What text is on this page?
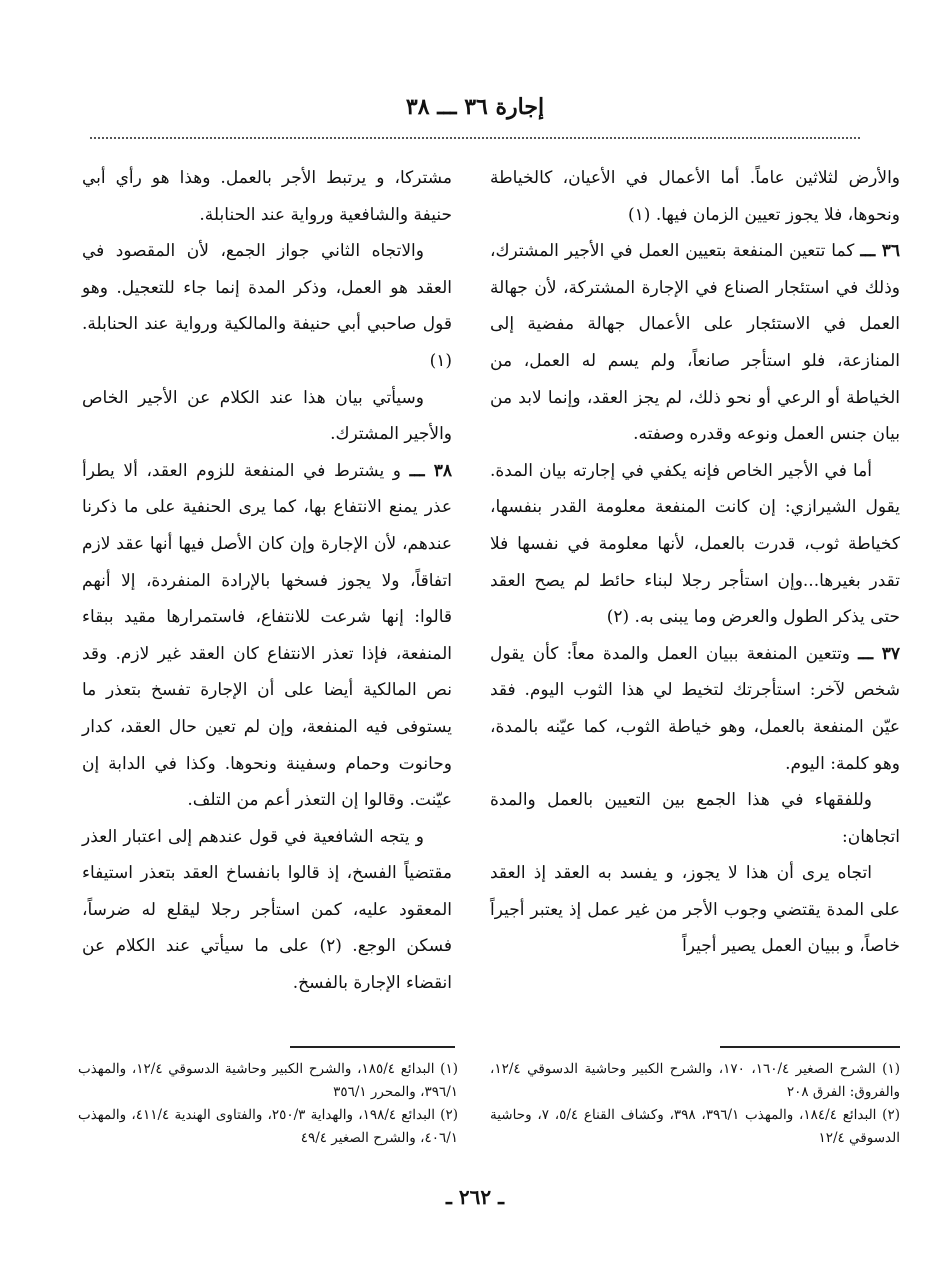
إجارة ٣٦ ـــ ٣٨

والأرض لثلاثين عاماً. أما الأعمال في الأعيان، كالخياطة ونحوها، فلا يجوز تعيين الزمان فيها. (١)

٣٦ ـــ كما تتعين المنفعة بتعيين العمل في الأجير المشترك، وذلك في استئجار الصناع في الإجارة المشتركة، لأن جهالة العمل في الاستئجار على الأعمال جهالة مفضية إلى المنازعة، فلو استأجر صانعاً، ولم يسم له العمل، من الخياطة أو الرعي أو نحو ذلك، لم يجز العقد، وإنما لابد من بيان جنس العمل ونوعه وقدره وصفته.

أما في الأجير الخاص فإنه يكفي في إجارته بيان المدة. يقول الشيرازي: إن كانت المنفعة معلومة القدر بنفسها، كخياطة ثوب، قدرت بالعمل، لأنها معلومة في نفسها فلا تقدر بغيرها...وإن استأجر رجلا لبناء حائط لم يصح العقد حتى يذكر الطول والعرض وما يبنى به. (٢)

٣٧ ـــ وتتعين المنفعة ببيان العمل والمدة معاً: كأن يقول شخص لآخر: استأجرتك لتخيط لي هذا الثوب اليوم. فقد عيّن المنفعة بالعمل، وهو خياطة الثوب، كما عيّنه بالمدة، وهو كلمة: اليوم.

وللفقهاء في هذا الجمع بين التعيين بالعمل والمدة اتجاهان:

اتجاه يرى أن هذا لا يجوز، و يفسد به العقد إذ العقد على المدة يقتضي وجوب الأجر من غير عمل إذ يعتبر أجيراً خاصاً، و ببيان العمل يصير أجيراً

مشتركا، و يرتبط الأجر بالعمل. وهذا هو رأي أبي حنيفة والشافعية ورواية عند الحنابلة.

والاتجاه الثاني جواز الجمع، لأن المقصود في العقد هو العمل، وذكر المدة إنما جاء للتعجيل. وهو قول صاحبي أبي حنيفة والمالكية ورواية عند الحنابلة. (١)

وسيأتي بيان هذا عند الكلام عن الأجير الخاص والأجير المشترك.

٣٨ ـــ و يشترط في المنفعة للزوم العقد، ألا يطرأ عذر يمنع الانتفاع بها، كما يرى الحنفية على ما ذكرنا عندهم، لأن الإجارة وإن كان الأصل فيها أنها عقد لازم اتفاقاً، ولا يجوز فسخها بالإرادة المنفردة، إلا أنهم قالوا: إنها شرعت للانتفاع، فاستمرارها مقيد ببقاء المنفعة، فإذا تعذر الانتفاع كان العقد غير لازم. وقد نص المالكية أيضا على أن الإجارة تفسخ بتعذر ما يستوفى فيه المنفعة، وإن لم تعين حال العقد، كدار وحانوت وحمام وسفينة ونحوها. وكذا في الدابة إن عيّنت. وقالوا إن التعذر أعم من التلف.

و يتجه الشافعية في قول عندهم إلى اعتبار العذر مقتضياً الفسخ، إذ قالوا بانفساخ العقد بتعذر استيفاء المعقود عليه، كمن استأجر رجلا ليقلع له ضرساً، فسكن الوجع. (٢) على ما سيأتي عند الكلام عن انقضاء الإجارة بالفسخ.

(١) الشرح الصغير ١٦٠/٤، ١٧٠، والشرح الكبير وحاشية الدسوقي ١٢/٤، والفروق: الفرق ٢٠٨

(٢) البدائع ١٨٤/٤، والمهذب ٣٩٦/١، ٣٩٨، وكشاف القناع ٥/٤، ٧، وحاشية الدسوقي ١٢/٤

(١) البدائع ١٨٥/٤، والشرح الكبير وحاشية الدسوقي ١٢/٤، والمهذب ٣٩٦/١، والمحرر ٣٥٦/١

(٢) البدائع ١٩٨/٤، والهداية ٢٥٠/٣، والفتاوى الهندية ٤١١/٤، والمهذب ٤٠٦/١، والشرح الصغير ٤٩/٤

ـ ٢٦٢ ـ
